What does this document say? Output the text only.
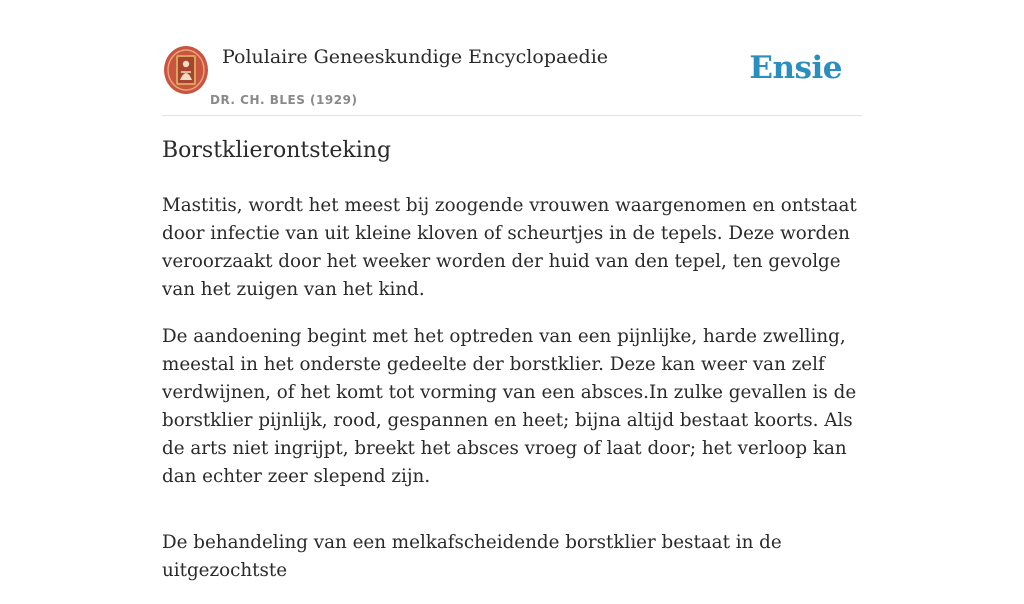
Polulaire Geneeskundige Encyclopaedie
DR. CH. BLES (1929)
Ensie
Borstklierontsteking

Mastitis, wordt het meest bij zoogende vrouwen waargenomen en ontstaat door infectie van uit kleine kloven of scheurtjes in de tepels. Deze worden veroorzaakt door het weeker worden der huid van den tepel, ten gevolge van het zuigen van het kind.

De aandoening begint met het optreden van een pijnlijke, harde zwelling, meestal in het onderste gedeelte der borstklier. Deze kan weer van zelf verdwijnen, of het komt tot vorming van een absces.In zulke gevallen is de borstklier pijnlijk, rood, gespannen en heet; bijna altijd bestaat koorts. Als de arts niet ingrijpt, breekt het absces vroeg of laat door; het verloop kan dan echter zeer slepend zijn.

De behandeling van een melkafscheidende borstklier bestaat in de uitgezochtste
